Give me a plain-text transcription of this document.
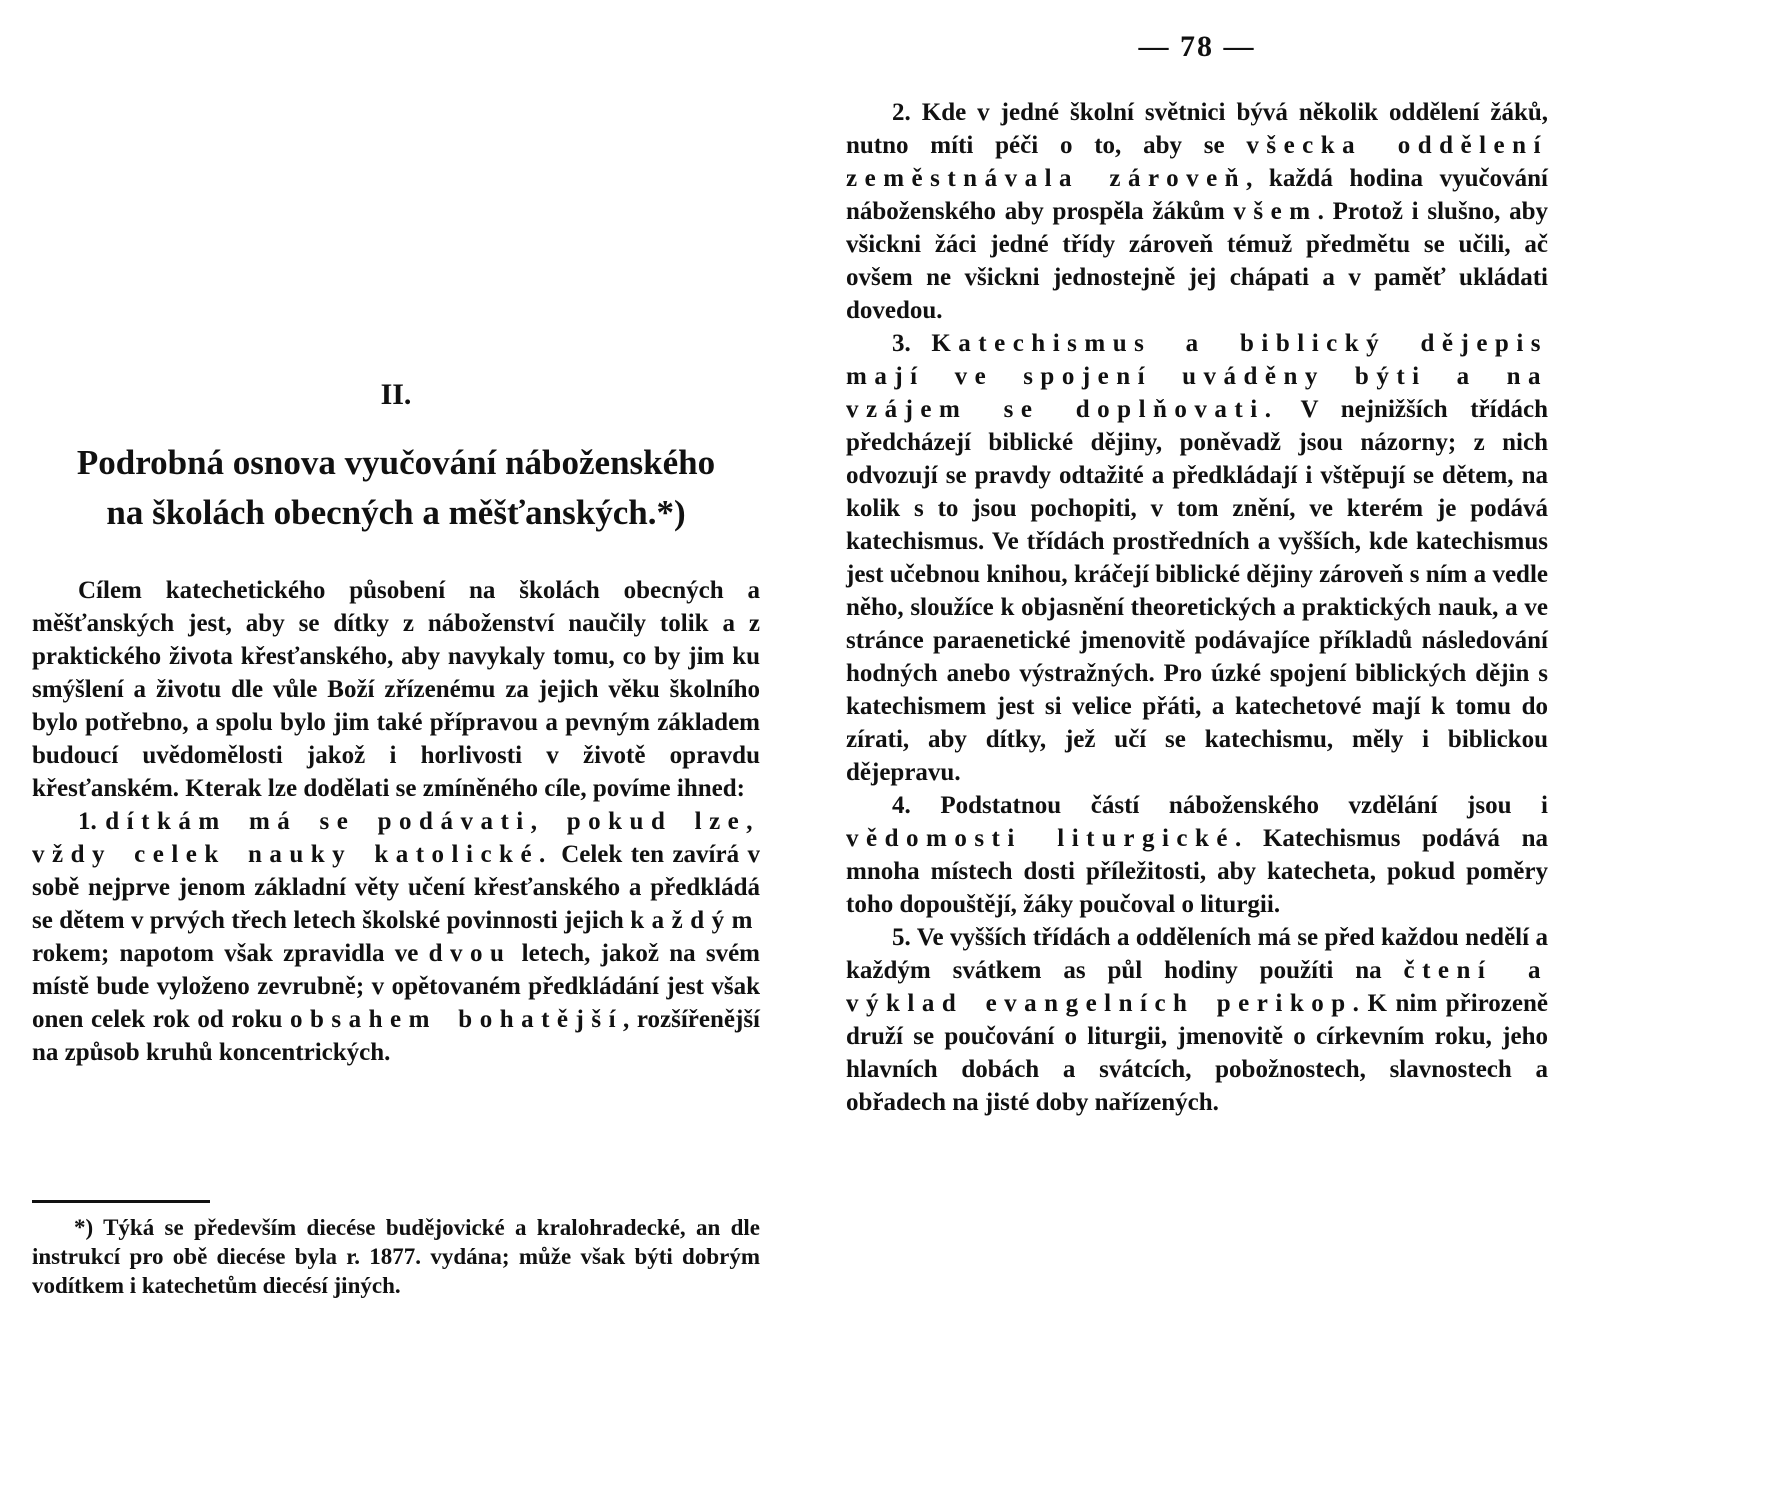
II.
Podrobná osnova vyučování náboženského
na školách obecných a měšťanských.*)

Cílem katechetického působení na školách obecných a měšťanských jest, aby se dítky z náboženství naučily tolik a z praktického života křesťanského, aby navykaly tomu, co by jim ku smýšlení a životu dle vůle Boží zřízenému za jejich věku školního bylo potřebno, a spolu bylo jim také přípravou a pevným základem budoucí uvědomělosti jakož i horlivosti v životě opravdu křesťanském. Kterak lze dodělati se zmíněného cíle, povíme ihned:

1. dítkám má se podávati, pokud lze, vždy celek nauky katolické. Celek ten zavírá v sobě nejprve jenom základní věty učení křesťanského a předkládá se dětem v prvých třech letech školské povinnosti jejich každým rokem; napotom však zpravidla ve dvou letech, jakož na svém místě bude vyloženo zevrubně; v opětovaném předkládání jest však onen celek rok od roku obsahem bohatější, rozšířenější na způsob kruhů koncentrických.

*) Týká se především diecése budějovické a kralohradecké, an dle instrukcí pro obě diecése byla r. 1877. vydána; může však býti dobrým vodítkem i katechetům diecésí jiných.

— 78 —

2. Kde v jedné školní světnici bývá několik oddělení žáků, nutno míti péči o to, aby se všecka oddělení zeměstnávala zároveň, každá hodina vyučování náboženského aby prospěla žákům všem. Protož i slušno, aby všickni žáci jedné třídy zároveň témuž předmětu se učili, ač ovšem ne všickni jednostejně jej chápati a v paměť ukládati dovedou.

3. Katechismus a biblický dějepis mají ve spojení uváděny býti a na vzájem se doplňovati. V nejnižších třídách předcházejí biblické dějiny, poněvadž jsou názorny; z nich odvozují se pravdy odtažité a předkládají i vštěpují se dětem, na kolik s to jsou pochopiti, v tom znění, ve kterém je podává katechismus. Ve třídách prostředních a vyšších, kde katechismus jest učebnou knihou, kráčejí biblické dějiny zároveň s ním a vedle něho, sloužíce k objasnění theoretických a praktických nauk, a ve stránce paraenetické jmenovitě podávajíce příkladů následování hodných anebo výstražných. Pro úzké spojení biblických dějin s katechismem jest si velice přáti, a katechetové mají k tomu do zírati, aby dítky, jež učí se katechismu, měly i biblickou dějepravu.

4. Podstatnou částí náboženského vzdělání jsou i vědomosti liturgické. Katechismus podává na mnoha místech dosti příležitosti, aby katecheta, pokud poměry toho dopouštějí, žáky poučoval o liturgii.

5. Ve vyšších třídách a odděleních má se před každou nedělí a každým svátkem as půl hodiny použíti na čtení a výklad evangelních perikop. K nim přirozeně druží se poučování o liturgii, jmenovitě o církevním roku, jeho hlavních dobách a svátcích, pobožnostech, slavnostech a obřadech na jisté doby nařízených.
